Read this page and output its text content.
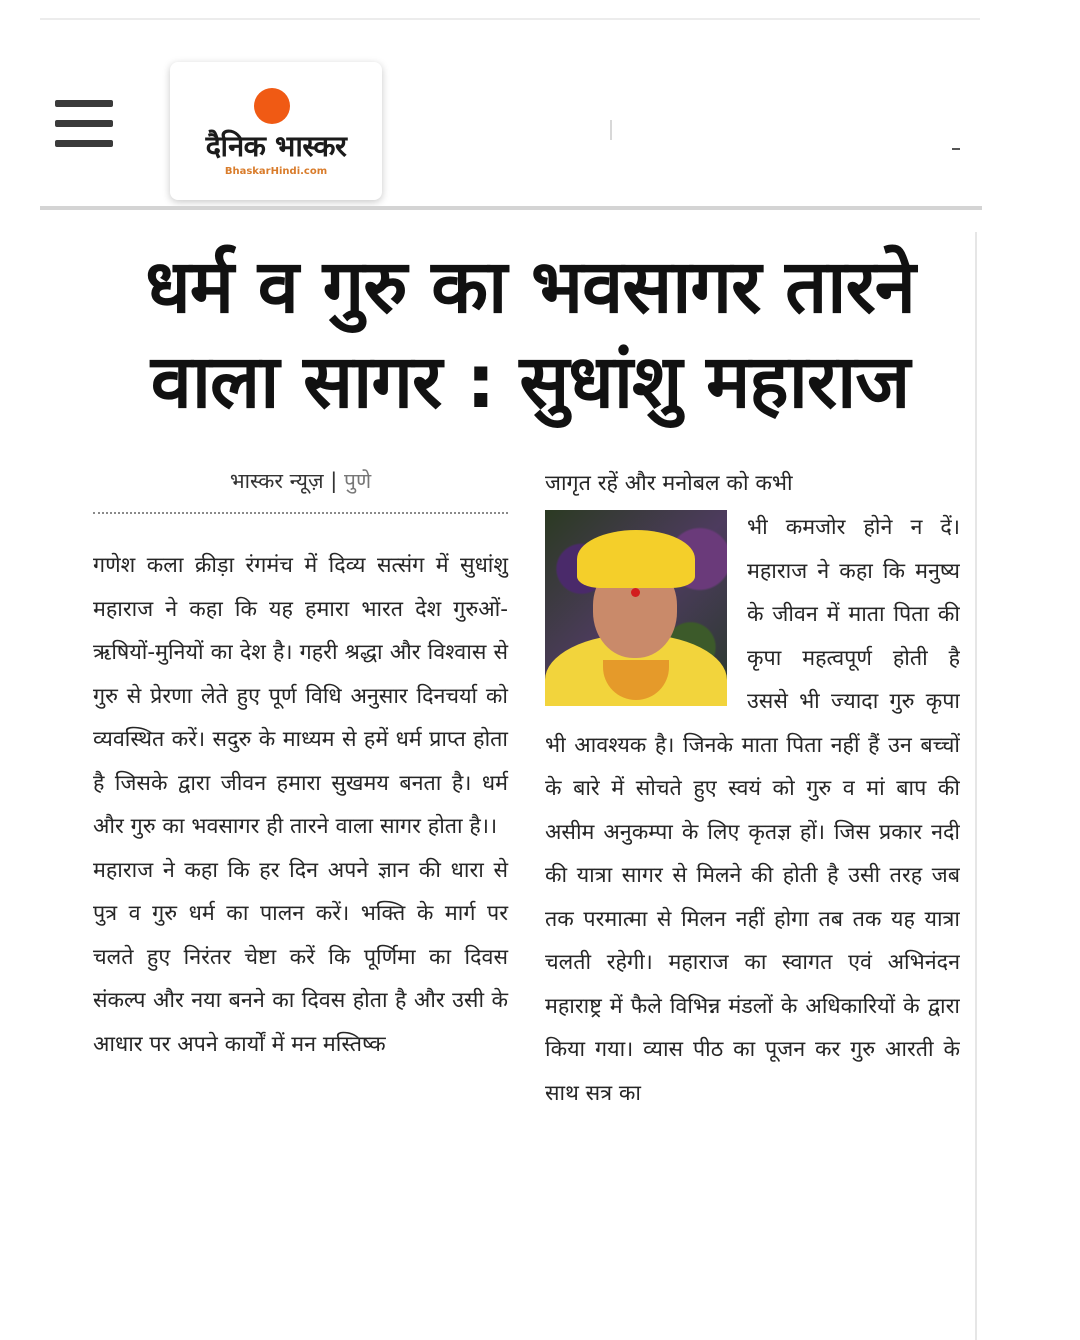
दैनिक भास्कर
BhaskarHindi.com
धर्म व गुरु का भवसागर तारने वाला सागर : सुधांशु महाराज
भास्कर न्यूज़ | पुणे

गणेश कला क्रीड़ा रंगमंच में दिव्य सत्संग में सुधांशु महाराज ने कहा कि यह हमारा भारत देश गुरुओं-ऋषियों-मुनियों का देश है। गहरी श्रद्धा और विश्वास से गुरु से प्रेरणा लेते हुए पूर्ण विधि अनुसार दिनचर्या को व्यवस्थित करें। सदुरु के माध्यम से हमें धर्म प्राप्त होता है जिसके द्वारा जीवन हमारा सुखमय बनता है। धर्म और गुरु का भवसागर ही तारने वाला सागर होता है।।

महाराज ने कहा कि हर दिन अपने ज्ञान की धारा से पुत्र व गुरु धर्म का पालन करें। भक्ति के मार्ग पर चलते हुए निरंतर चेष्टा करें कि पूर्णिमा का दिवस संकल्प और नया बनने का दिवस होता है और उसी के आधार पर अपने कार्यों में मन मस्तिष्क

जागृत रहें और मनोबल को कभी

भी कमजोर होने न दें। महाराज ने कहा कि मनुष्य के जीवन में माता पिता की कृपा महत्वपूर्ण होती है उससे भी ज्यादा गुरु कृपा भी आवश्यक है। जिनके माता पिता नहीं हैं उन बच्चों के बारे में सोचते हुए स्वयं को गुरु व मां बाप की असीम अनुकम्पा के लिए कृतज्ञ हों। जिस प्रकार नदी की यात्रा सागर से मिलने की होती है उसी तरह जब तक परमात्मा से मिलन नहीं होगा तब तक यह यात्रा चलती रहेगी। महाराज का स्वागत एवं अभिनंदन महाराष्ट्र में फैले विभिन्न मंडलों के अधिकारियों के द्वारा किया गया। व्यास पीठ का पूजन कर गुरु आरती के साथ सत्र का
